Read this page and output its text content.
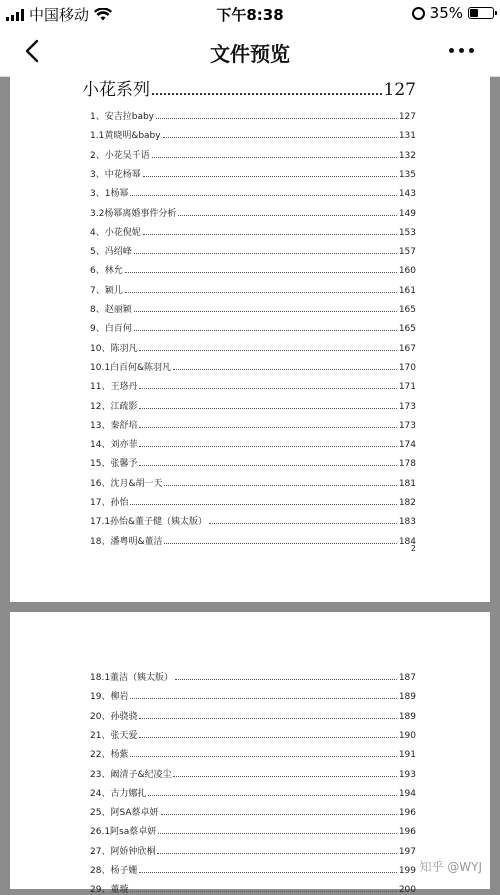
中国移动	下午8:38	35%
文件预览
小花系列	127
1、安吉拉baby	127
1.1黄晓明&baby	131
2、小花吴千语	132
3、中花杨幂	135
3、1杨幂	143
3.2杨幂离婚事件分析	149
4、小花倪妮	153
5、冯绍峰	157
6、林允	160
7、颖儿	161
8、赵丽颖	165
9、白百何	165
10、陈羽凡	167
10.1白百何&陈羽凡	170
11、王珞丹	171
12、江疏影	173
13、秦舒培	173
14、刘亦菲	174
15、张馨予	178
16、沈月&胡一天	181
17、孙怡	182
17.1孙怡&董子健（姨太版）	183
18、潘粤明&董洁	184
2
18.1董洁（姨太版）	187
19、柳岩	189
20、孙骁骁	189
21、张天爱	190
22、杨紫	191
23、阚清子&纪凌尘	193
24、古力娜扎	194
25、阿SA蔡卓妍	196
26.1阿sa蔡卓妍	196
27、阿娇钟欣桐	197
28、杨子姗	199
29、董璇	200
知乎 @WYJ
